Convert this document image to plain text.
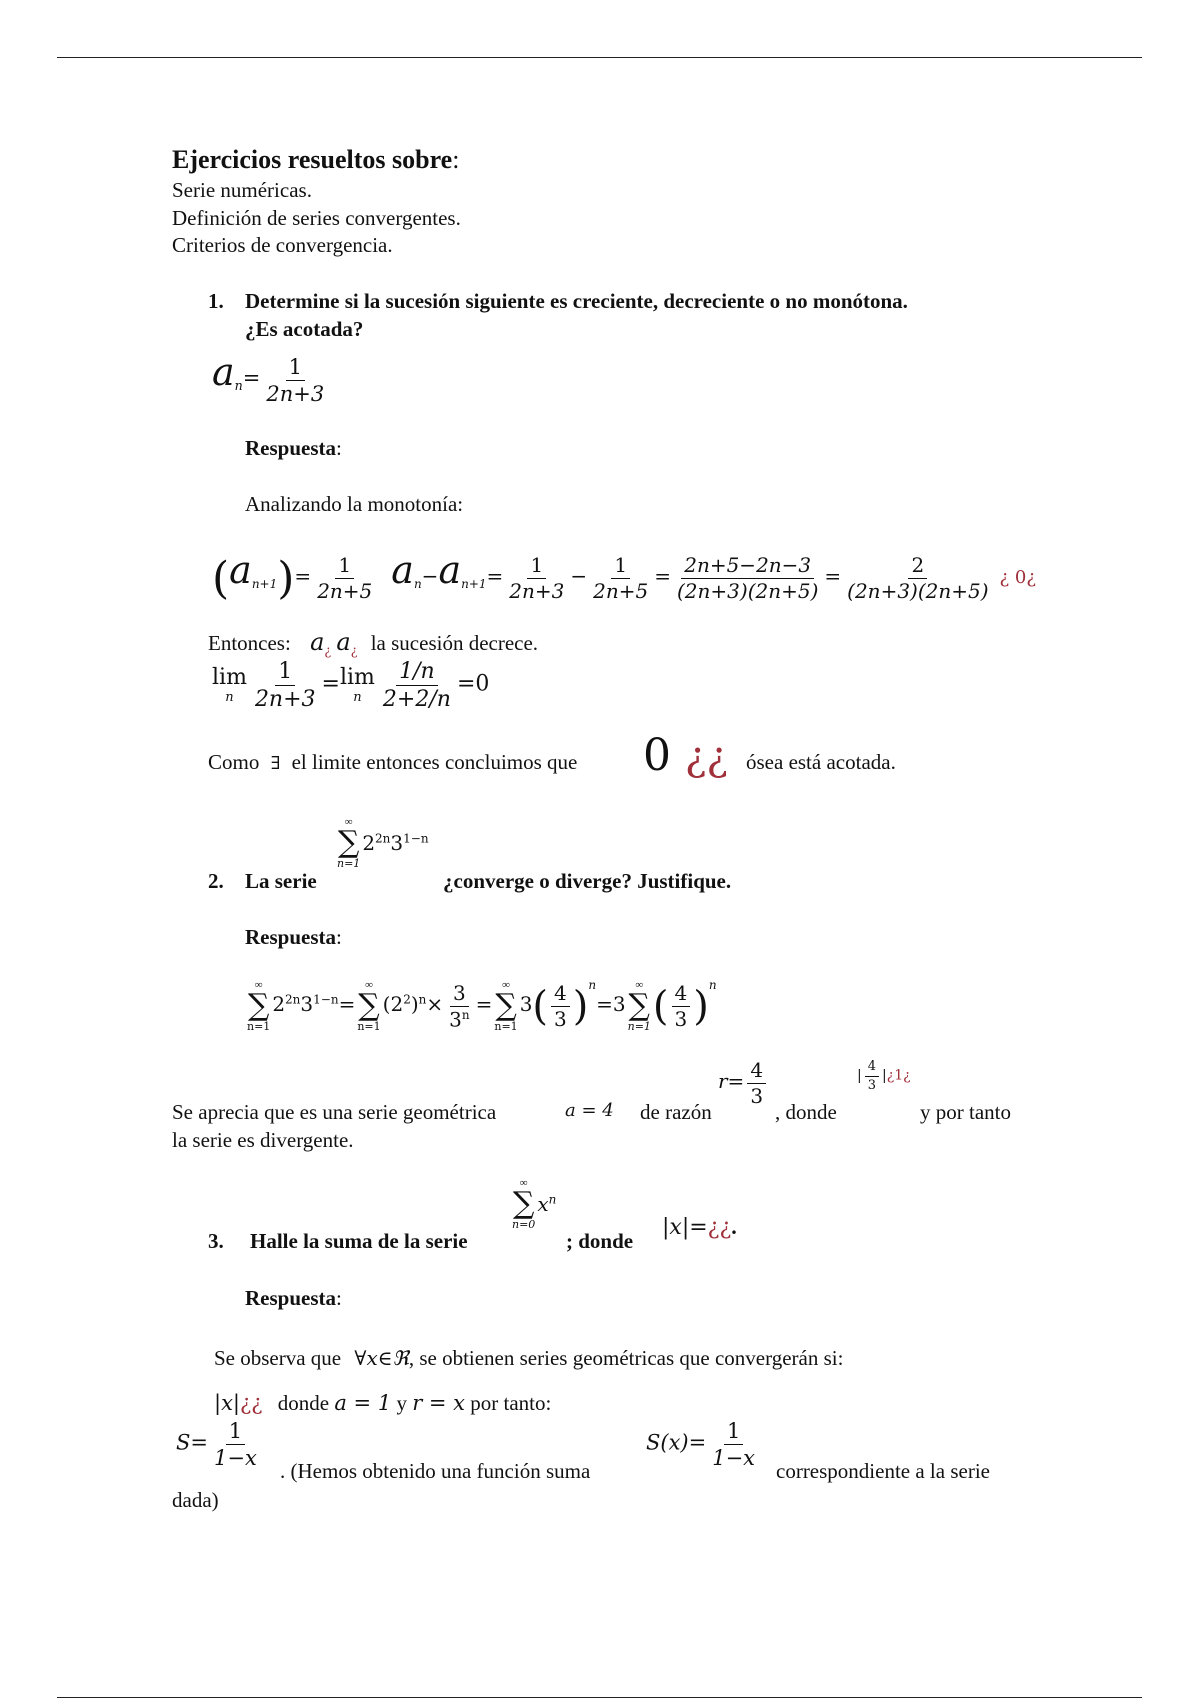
Ejercicios resueltos sobre:
Serie numéricas.
Definición de series convergentes.
Criterios de convergencia.
1. Determine si la sucesión siguiente es creciente, decreciente o no monótona.
¿Es acotada?
$a_n= \frac{1}{2n+3}$
Respuesta:
Analizando la monotonía:
$(a_{n+1})= \frac{1}{2n+5} a_n-a_{n+1}= \frac{1}{2n+3} - \frac{1}{2n+5} = \frac{2n+5-2n-3}{(2n+3)(2n+5)} = \frac{2}{(2n+3)(2n+5)}$ ¿ 0¿
Entonces: $a_¿$ $a_¿$ la sucesión decrece.
lim
n $\frac{1}{2n+3} = \lim$
n $\frac{1/n}{2+2/n} =0$
Como ∃ el limite entonces concluimos que 0 ¿¿ ósea está acotada.
∞
∑
n=1
$2^{2n}3^{1-n}$
2. La serie	¿converge o diverge? Justifique.
Respuesta:
∞
∑
n=1
$2^{2n}3^{1-n}=$
∞
∑
n=1
$(2^2)^n\times \frac{3}{3^n}$ =
∞
∑
n=1
$3( \frac{4}{3} )^n=3$
∞
∑
n=1 ( $\frac{4}{3} )^n$
Se aprecia que es una serie geométrica	a = 4 de razón
$r= \frac{4}{3}$
, donde
| $\frac{4}{3}$ |¿1¿
y por tanto
la serie es divergente.
∞
∑
n=0
$x^n$
3. Halle la suma de la serie	; donde
|x|=¿¿.
Respuesta:
Se observa que ∀x∈ℜ, se obtienen series geométricas que convergerán si:
|x|¿¿ donde a = 1 y r = x por tanto:
$S= \frac{1}{1-x}$
. (Hemos obtenido una función suma
$S(x)= \frac{1}{1-x}$
correspondiente a la serie
dada)
